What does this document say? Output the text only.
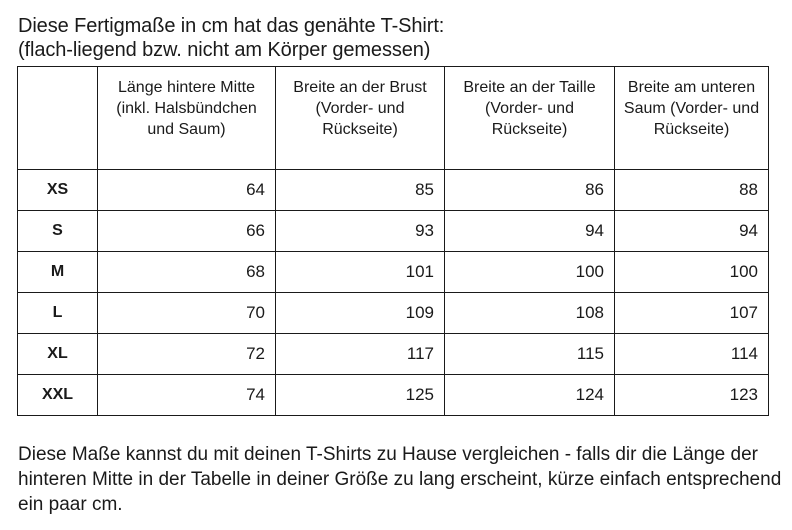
Diese Fertigmaße in cm hat das genähte T-Shirt:
(flach-liegend bzw. nicht am Körper gemessen)

	Länge hintere Mitte (inkl. Halsbündchen und Saum)	Breite an der Brust (Vorder- und Rückseite)	Breite an der Taille (Vorder- und Rückseite)	Breite am unteren Saum (Vorder- und Rückseite)

XS	64	85	86	88
S	66	93	94	94
M	68	101	100	100
L	70	109	108	107
XL	72	117	115	114
XXL	74	125	124	123
Diese Maße kannst du mit deinen T-Shirts zu Hause vergleichen - falls dir die Länge der hinteren Mitte in der Tabelle in deiner Größe zu lang erscheint, kürze einfach entsprechend ein paar cm.
